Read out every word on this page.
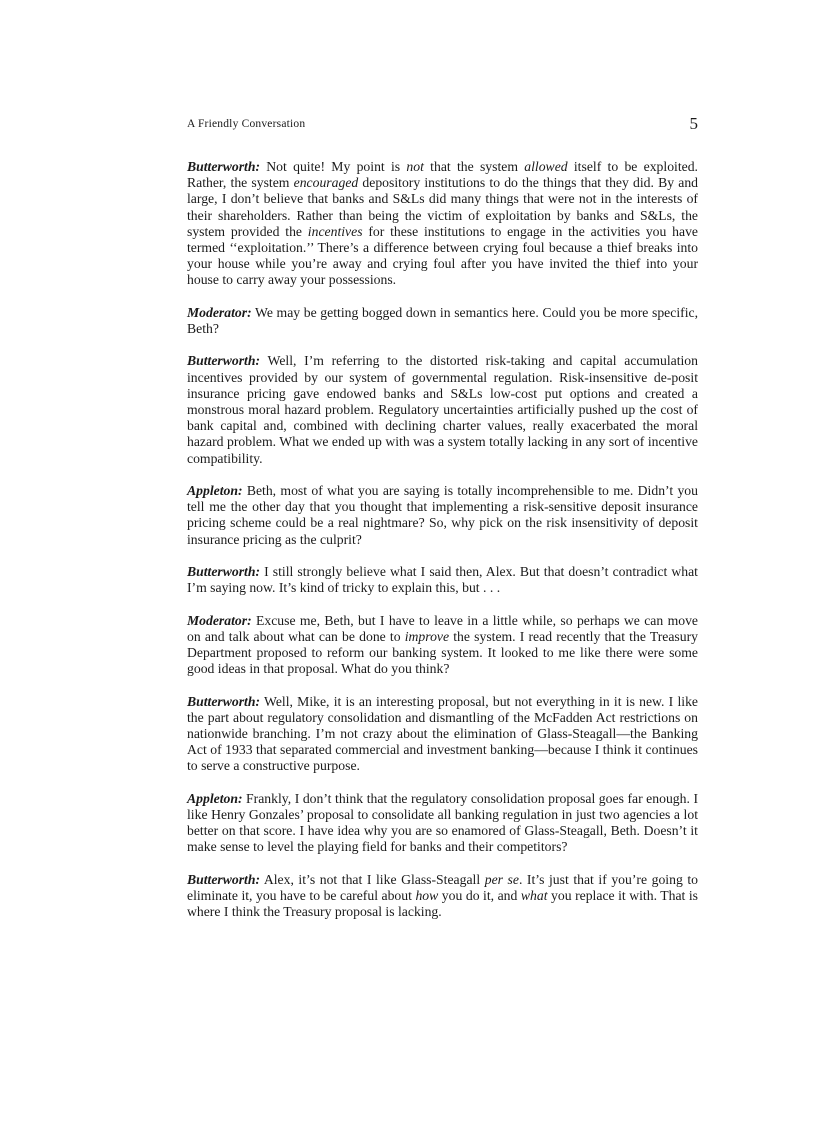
A Friendly Conversation	5

Butterworth: Not quite! My point is not that the system allowed itself to be exploited. Rather, the system encouraged depository institutions to do the things that they did. By and large, I don’t believe that banks and S&Ls did many things that were not in the interests of their shareholders. Rather than being the victim of exploitation by banks and S&Ls, the system provided the incentives for these institutions to engage in the activities you have termed ‘‘exploitation.’’ There’s a difference between crying foul because a thief breaks into your house while you’re away and crying foul after you have invited the thief into your house to carry away your possessions.

Moderator: We may be getting bogged down in semantics here. Could you be more specific, Beth?

Butterworth: Well, I’m referring to the distorted risk-taking and capital accumulation incentives provided by our system of governmental regulation. Risk-insensitive de-posit insurance pricing gave endowed banks and S&Ls low-cost put options and created a monstrous moral hazard problem. Regulatory uncertainties artificially pushed up the cost of bank capital and, combined with declining charter values, really exacerbated the moral hazard problem. What we ended up with was a system totally lacking in any sort of incentive compatibility.

Appleton: Beth, most of what you are saying is totally incomprehensible to me. Didn’t you tell me the other day that you thought that implementing a risk-sensitive deposit insurance pricing scheme could be a real nightmare? So, why pick on the risk insensitivity of deposit insurance pricing as the culprit?

Butterworth: I still strongly believe what I said then, Alex. But that doesn’t contradict what I’m saying now. It’s kind of tricky to explain this, but . . .

Moderator: Excuse me, Beth, but I have to leave in a little while, so perhaps we can move on and talk about what can be done to improve the system. I read recently that the Treasury Department proposed to reform our banking system. It looked to me like there were some good ideas in that proposal. What do you think?

Butterworth: Well, Mike, it is an interesting proposal, but not everything in it is new. I like the part about regulatory consolidation and dismantling of the McFadden Act restrictions on nationwide branching. I’m not crazy about the elimination of Glass-Steagall—the Banking Act of 1933 that separated commercial and investment banking—because I think it continues to serve a constructive purpose.

Appleton: Frankly, I don’t think that the regulatory consolidation proposal goes far enough. I like Henry Gonzales’ proposal to consolidate all banking regulation in just two agencies a lot better on that score. I have idea why you are so enamored of Glass-Steagall, Beth. Doesn’t it make sense to level the playing field for banks and their competitors?

Butterworth: Alex, it’s not that I like Glass-Steagall per se. It’s just that if you’re going to eliminate it, you have to be careful about how you do it, and what you replace it with. That is where I think the Treasury proposal is lacking.
